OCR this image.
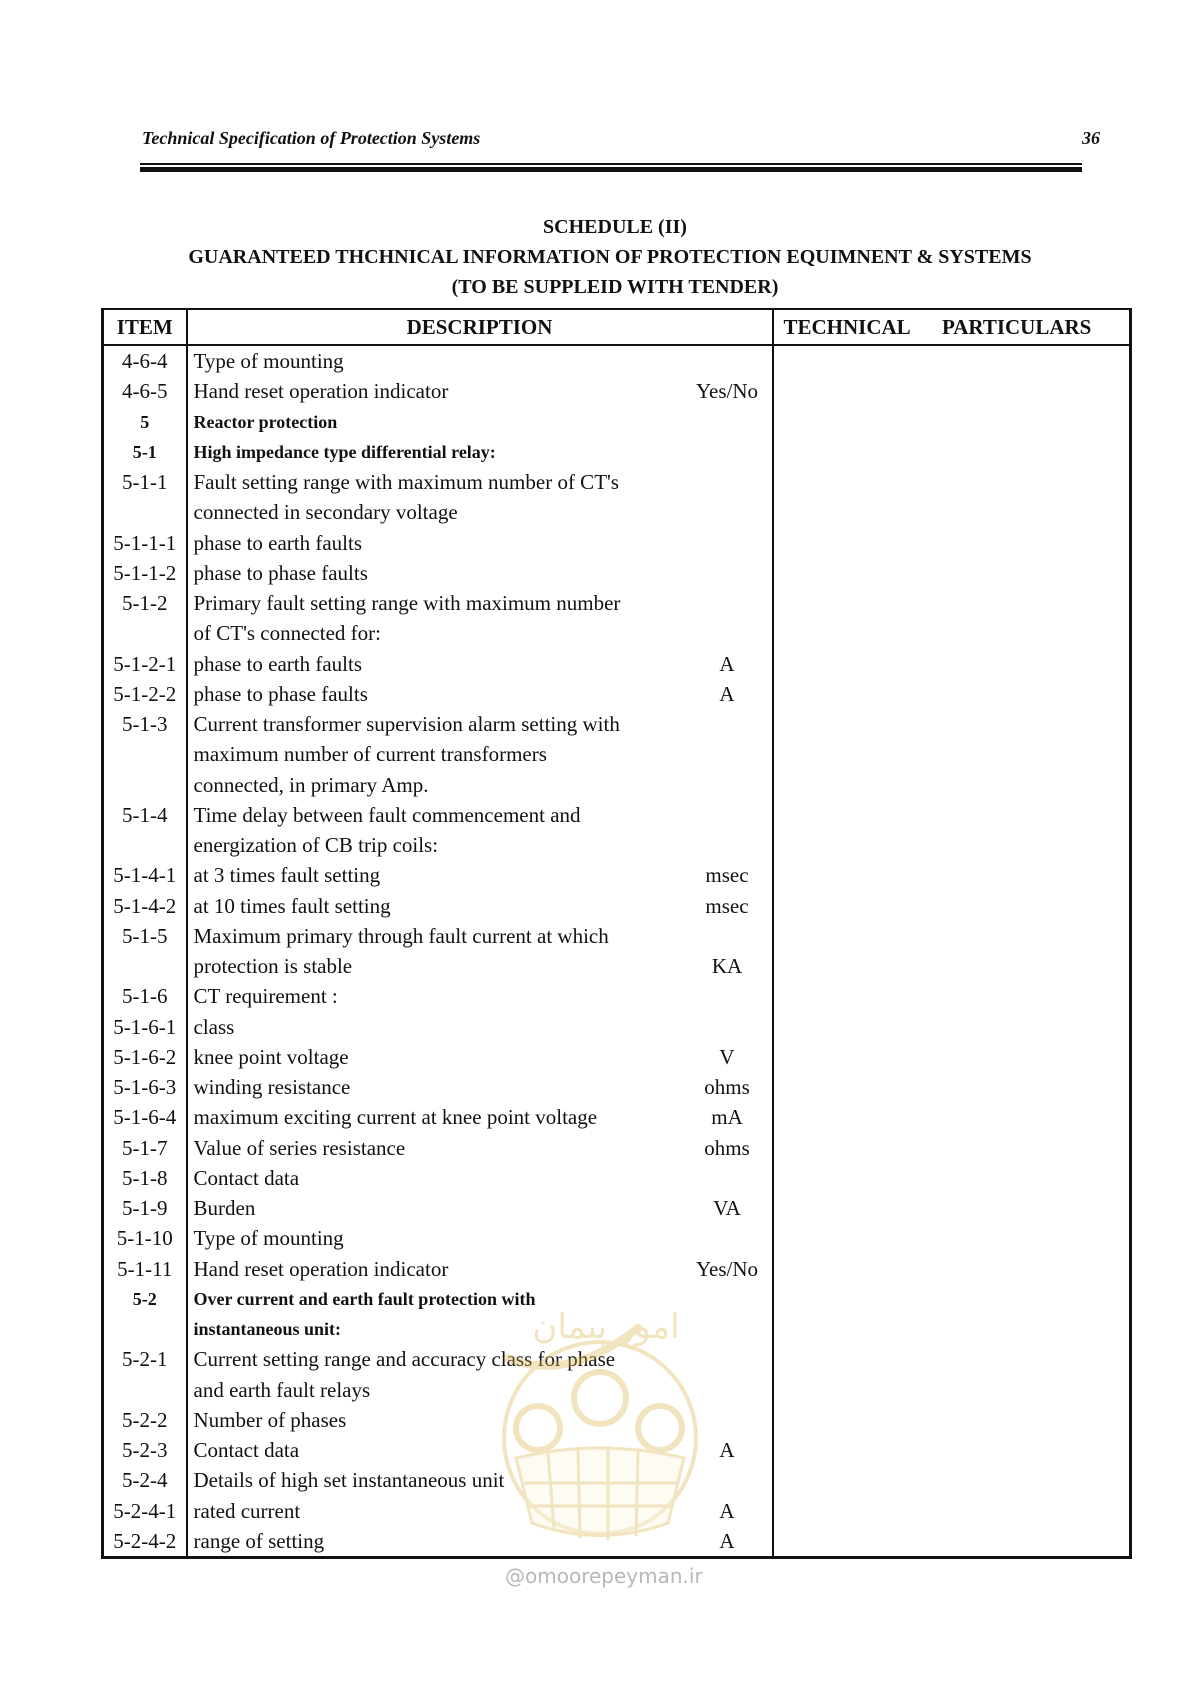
Technical Specification of Protection Systems	36
SCHEDULE (II)
GUARANTEED THCHNICAL INFORMATION OF PROTECTION EQUIMNENT & SYSTEMS
(TO BE SUPPLEID WITH TENDER)
ITEM	DESCRIPTION		TECHNICAL PARTICULARS
4-6-4	Type of mounting		
4-6-5	Hand reset operation indicator	Yes/No	
5	Reactor protection		
5-1	High impedance type differential relay:		
5-1-1	Fault setting range with maximum number of CT's		
	connected in secondary voltage		
5-1-1-1	phase to earth faults		
5-1-1-2	phase to phase faults		
5-1-2	Primary fault setting range with maximum number		
	of CT's connected for:		
5-1-2-1	phase to earth faults	A	
5-1-2-2	phase to phase faults	A	
5-1-3	Current transformer supervision alarm setting with		
	maximum number of current transformers		
	connected, in primary Amp.		
5-1-4	Time delay between fault commencement and		
	energization of CB trip coils:		
5-1-4-1	at 3 times fault setting	msec	
5-1-4-2	at 10 times fault setting	msec	
5-1-5	Maximum primary through fault current at which		
	protection is stable	KA	
5-1-6	CT requirement :		
5-1-6-1	class		
5-1-6-2	knee point voltage	V	
5-1-6-3	winding resistance	ohms	
5-1-6-4	maximum exciting current at knee point voltage	mA	
5-1-7	Value of series resistance	ohms	
5-1-8	Contact data		
5-1-9	Burden	VA	
5-1-10	Type of mounting		
5-1-11	Hand reset operation indicator	Yes/No	
5-2	Over current and earth fault protection with		
	instantaneous unit:		
5-2-1	Current setting range and accuracy class for phase		
	and earth fault relays		
5-2-2	Number of phases		
5-2-3	Contact data	A	
5-2-4	Details of high set instantaneous unit		
5-2-4-1	rated current	A	
5-2-4-2	range of setting	A	
امور پیمان
@omoorepeyman.ir
